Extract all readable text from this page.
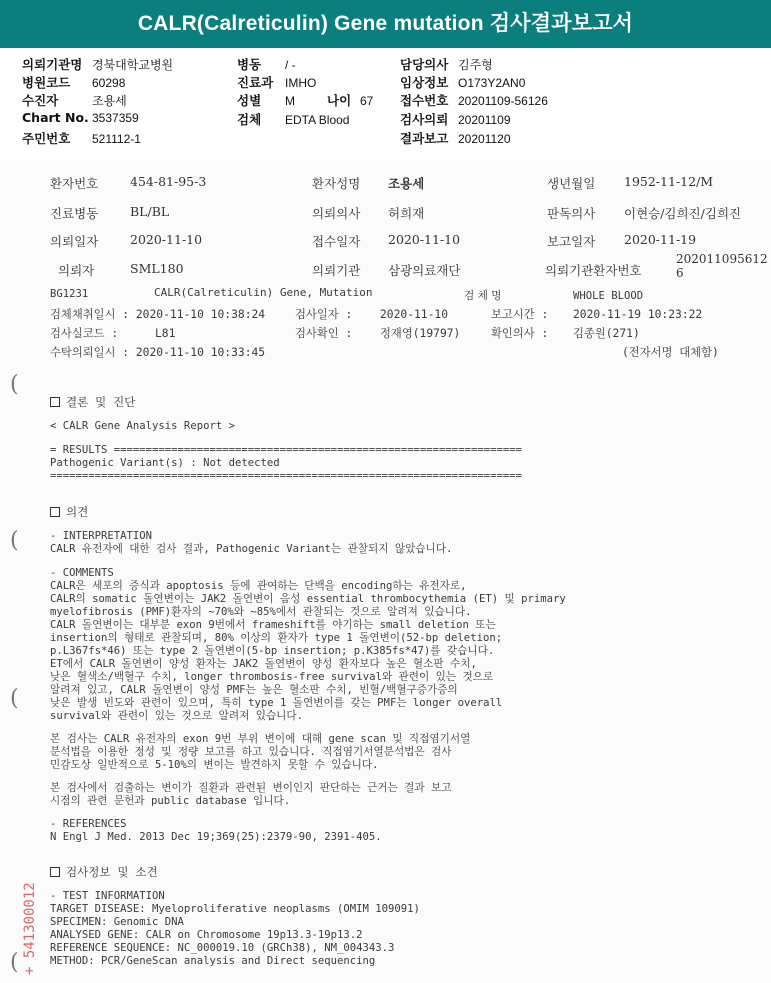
CALR(Calreticulin) Gene mutation 검사결과보고서
의뢰기관명 경북대학교병원
병원코드 60298
수진자	조용세
Chart No. 3537359
주민번호 521112-1
병동 / -
진료과 IMHO
성별 M	나이 67
검체 EDTA Blood
담당의사 김주형
임상정보 O173Y2AN0
접수번호 20201109-56126
검사의뢰 20201109
결과보고 20201120
환자번호	454-81-95-3	환자성명 조용세	생년월일 1952-11-12/M
진료병동	BL/BL	의뢰의사 허희재	판독의사 이현승/김희진/김희진
의뢰일자	2020-11-10	접수일자 2020-11-10	보고일자 2020-11-19
의뢰자	SML180	의뢰기관 삼광의료재단	의뢰기관환자번호
202011095612
6
BG1231	CALR(Calreticulin) Gene, Mutation	검 체 명	WHOLE BLOOD
검체채취일시 : 2020-11-10 10:38:24	검사일자 : 2020-11-10	보고시간 : 2020-11-19 10:23:22
검사실코드 :	L81	검사확인 : 정재영(19797)	확인의사 : 김종원(271)
수탁의뢰일시 : 2020-11-10 10:33:45	(전자서명 대체함)
(
(
(
(
결론 및 진단
< CALR Gene Analysis Report >
= RESULTS ================================================================
Pathogenic Variant(s) : Not detected
==========================================================================
의견
- INTERPRETATION
CALR 유전자에 대한 검사 결과, Pathogenic Variant는 관찰되지 않았습니다.
- COMMENTS
CALR은 세포의 증식과 apoptosis 등에 관여하는 단백을 encoding하는 유전자로,
CALR의 somatic 돌연변이는 JAK2 돌연변이 음성 essential thrombocythemia (ET) 및 primary
myelofibrosis (PMF)환자의 ~70%와 ~85%에서 관찰되는 것으로 알려져 있습니다.
CALR 돌연변이는 대부분 exon 9번에서 frameshift를 야기하는 small deletion 또는
insertion의 형태로 관찰되며, 80% 이상의 환자가 type 1 돌연변이(52-bp deletion;
p.L367fs*46) 또는 type 2 돌연변이(5-bp insertion; p.K385fs*47)를 갖습니다.
ET에서 CALR 돌연변이 양성 환자는 JAK2 돌연변이 양성 환자보다 높은 혈소판 수치,
낮은 혈색소/백혈구 수치, longer thrombosis-free survival와 관련이 있는 것으로
알려져 있고, CALR 돌연변이 양성 PMF는 높은 혈소판 수치, 빈혈/백혈구증가증의
낮은 발생 빈도와 관련이 있으며, 특히 type 1 돌연변이를 갖는 PMF는 longer overall
survival와 관련이 있는 것으로 알려져 있습니다.
본 검사는 CALR 유전자의 exon 9번 부위 변이에 대해 gene scan 및 직접염기서열
분석법을 이용한 정성 및 정량 보고를 하고 있습니다. 직접염기서열분석법은 검사
민감도상 일반적으로 5-10%의 변이는 발견하지 못할 수 있습니다.
본 검사에서 검출하는 변이가 질환과 관련된 변이인지 판단하는 근거는 결과 보고
시점의 관련 문헌과 public database 입니다.
- REFERENCES
N Engl J Med. 2013 Dec 19;369(25):2379-90, 2391-405.
검사정보 및 소견
- TEST INFORMATION
TARGET DISEASE: Myeloproliferative neoplasms (OMIM 109091)
SPECIMEN: Genomic DNA
ANALYSED GENE: CALR on Chromosome 19p13.3-19p13.2
REFERENCE SEQUENCE: NC_000019.10 (GRCh38), NM_004343.3
METHOD: PCR/GeneScan analysis and Direct sequencing
+ 541300012
